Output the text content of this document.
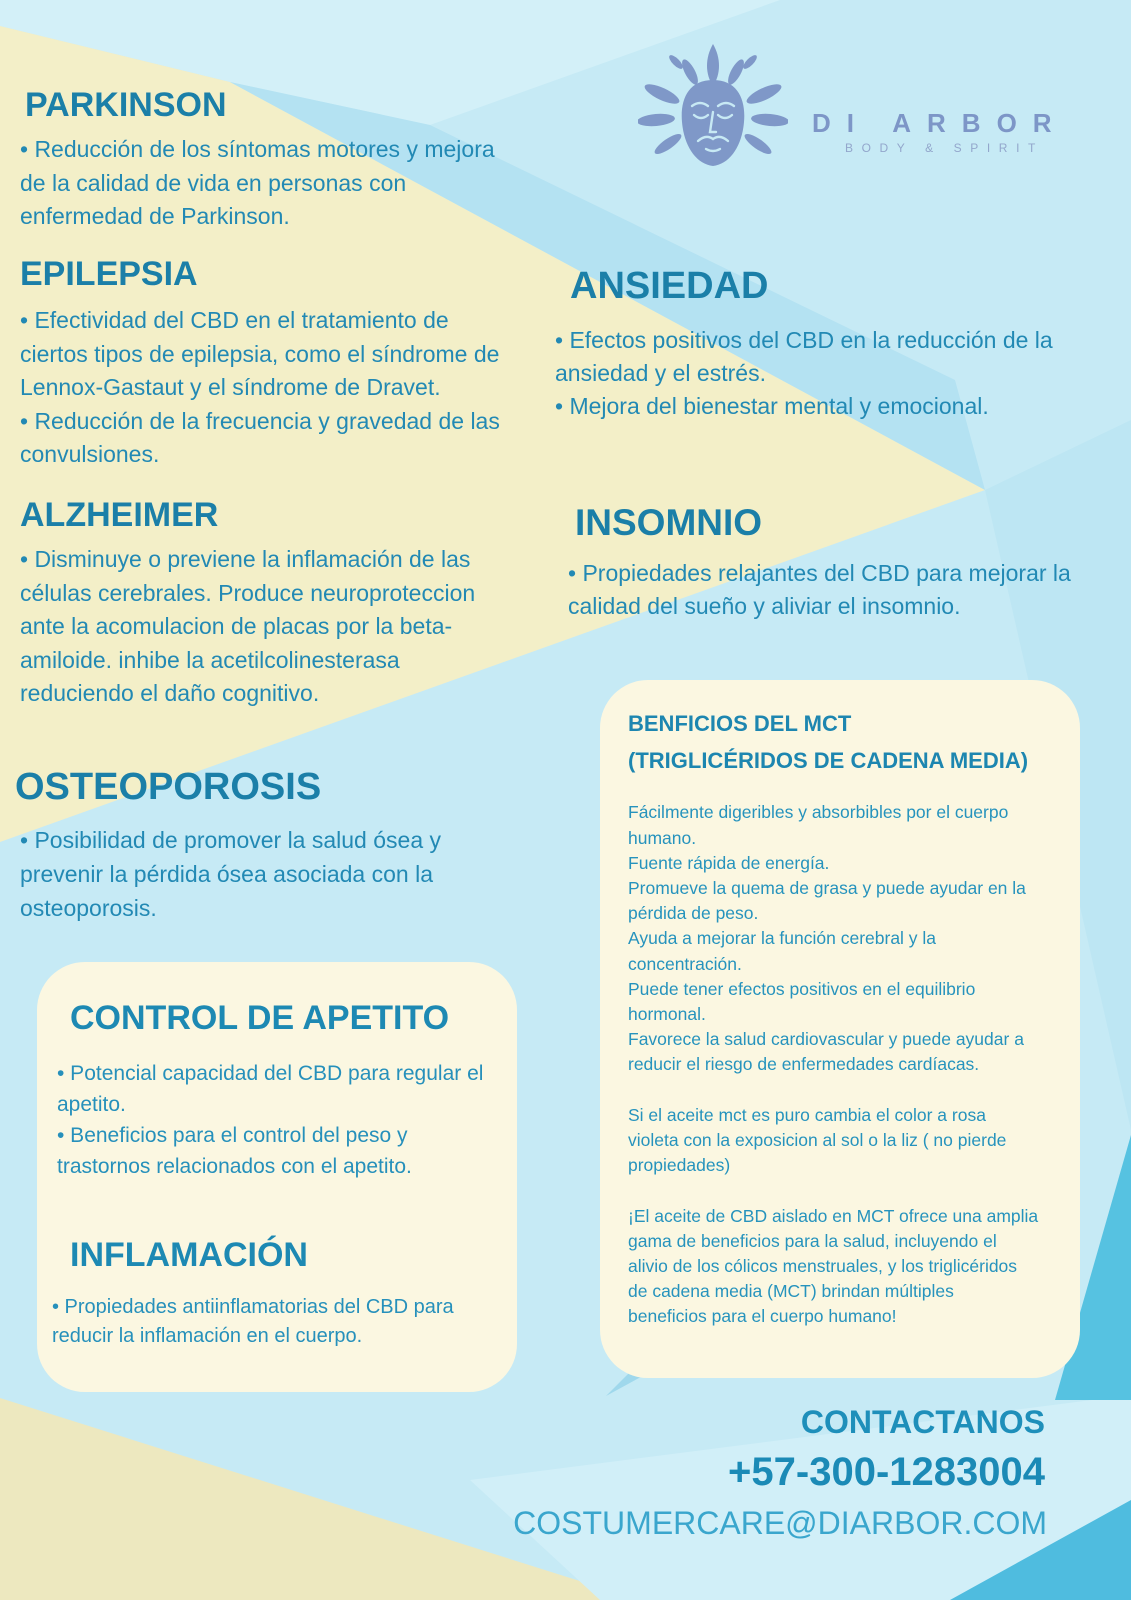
DI ARBOR
BODY & SPIRIT
PARKINSON

• Reducción de los síntomas motores y mejora
de la calidad de vida en personas con
enfermedad de Parkinson.

EPILEPSIA

• Efectividad del CBD en el tratamiento de
ciertos tipos de epilepsia, como el síndrome de
Lennox-Gastaut y el síndrome de Dravet.

• Reducción de la frecuencia y gravedad de las
convulsiones.

ALZHEIMER

• Disminuye o previene la inflamación de las
células cerebrales. Produce neuroproteccion
ante la acomulacion de placas por la beta-
amiloide. inhibe la acetilcolinesterasa
reduciendo el daño cognitivo.

OSTEOPOROSIS

• Posibilidad de promover la salud ósea y
prevenir la pérdida ósea asociada con la
osteoporosis.

ANSIEDAD

• Efectos positivos del CBD en la reducción de la
ansiedad y el estrés.

• Mejora del bienestar mental y emocional.

INSOMNIO

• Propiedades relajantes del CBD para mejorar la
calidad del sueño y aliviar el insomnio.

BENFICIOS DEL MCT
(TRIGLICÉRIDOS DE CADENA MEDIA)

Fácilmente digeribles y absorbibles por el cuerpo
humano.

Fuente rápida de energía.

Promueve la quema de grasa y puede ayudar en la
pérdida de peso.

Ayuda a mejorar la función cerebral y la
concentración.

Puede tener efectos positivos en el equilibrio
hormonal.

Favorece la salud cardiovascular y puede ayudar a
reducir el riesgo de enfermedades cardíacas.

Si el aceite mct es puro cambia el color a rosa
violeta con la exposicion al sol o la liz ( no pierde
propiedades)

¡El aceite de CBD aislado en MCT ofrece una amplia
gama de beneficios para la salud, incluyendo el
alivio de los cólicos menstruales, y los triglicéridos
de cadena media (MCT) brindan múltiples
beneficios para el cuerpo humano!

CONTROL DE APETITO

• Potencial capacidad del CBD para regular el
apetito.

• Beneficios para el control del peso y
trastornos relacionados con el apetito.

INFLAMACIÓN

• Propiedades antiinflamatorias del CBD para
reducir la inflamación en el cuerpo.

CONTACTANOS
+57-300-1283004
COSTUMERCARE@DIARBOR.COM
